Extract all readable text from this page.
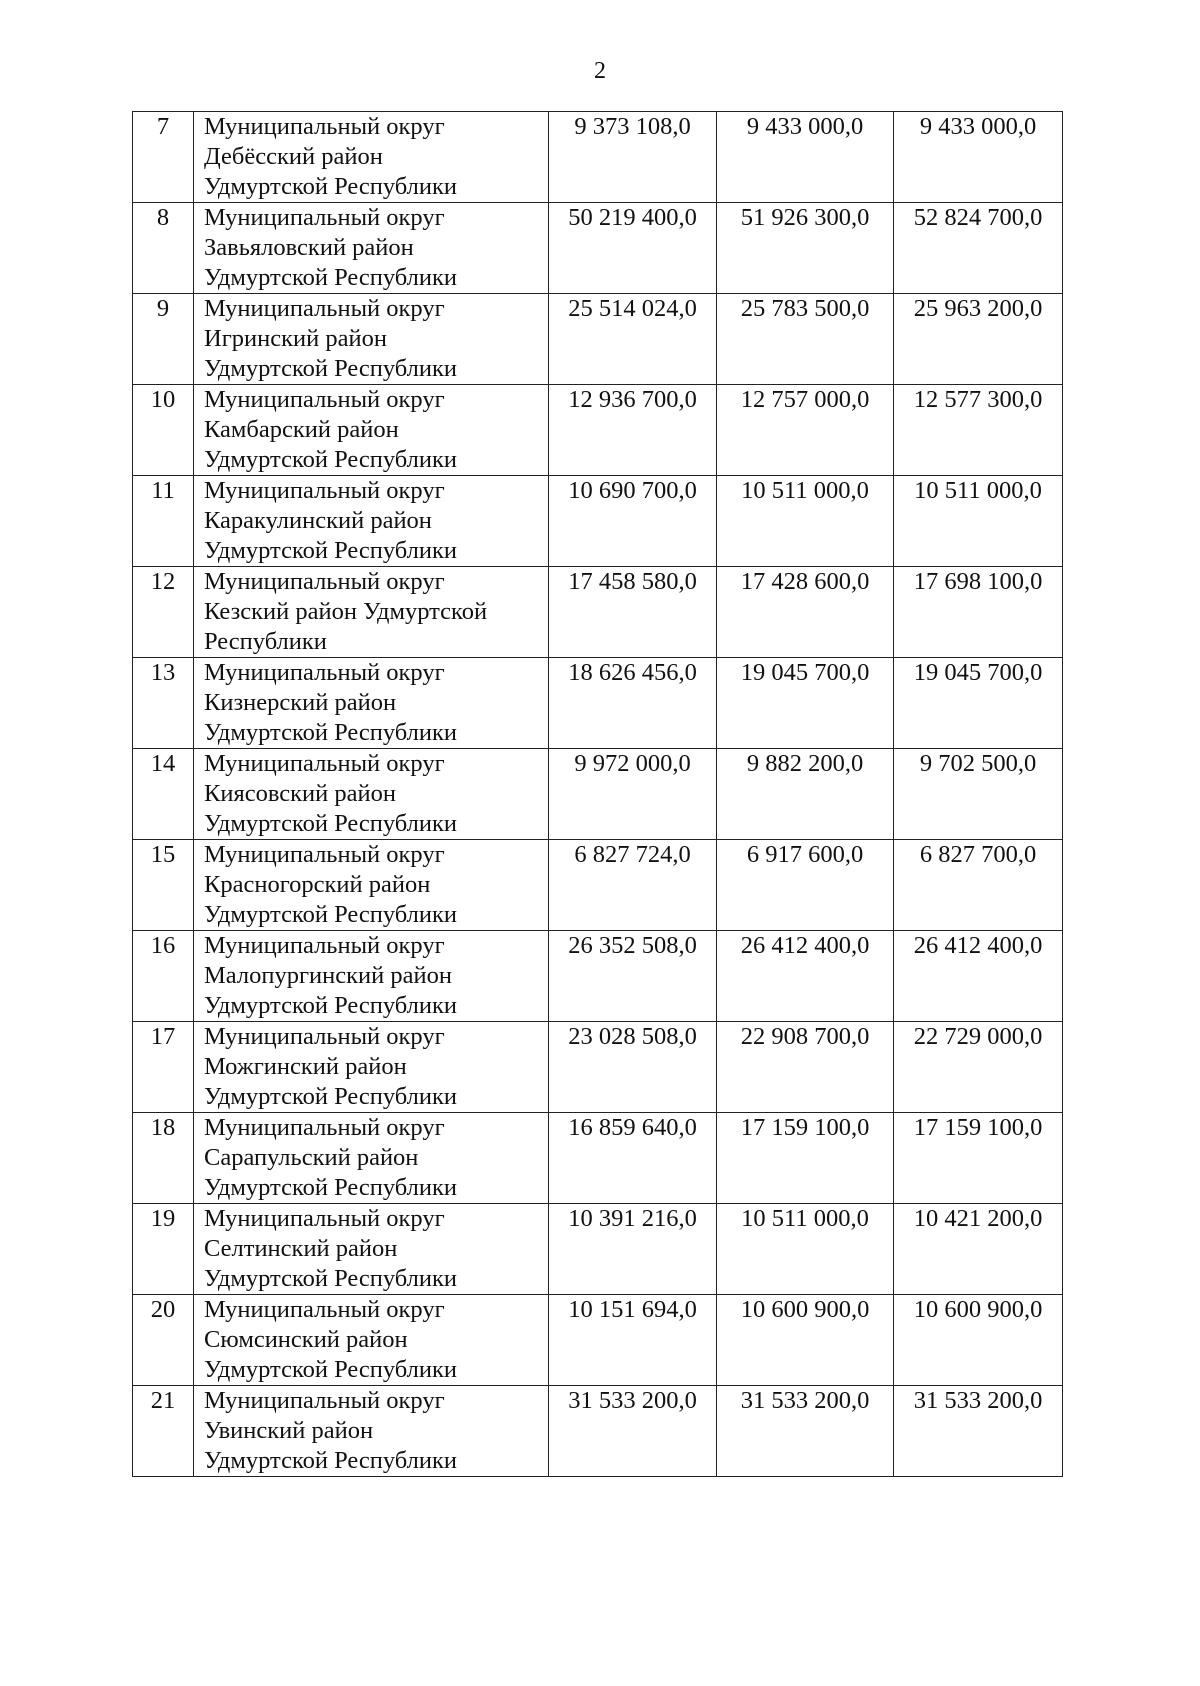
2
7	Муниципальный округ
Дебёсский район
Удмуртской Республики	9 373 108,0	9 433 000,0	9 433 000,0
8	Муниципальный округ
Завьяловский район
Удмуртской Республики	50 219 400,0	51 926 300,0	52 824 700,0
9	Муниципальный округ
Игринский район
Удмуртской Республики	25 514 024,0	25 783 500,0	25 963 200,0
10	Муниципальный округ
Камбарский район
Удмуртской Республики	12 936 700,0	12 757 000,0	12 577 300,0
11	Муниципальный округ
Каракулинский район
Удмуртской Республики	10 690 700,0	10 511 000,0	10 511 000,0
12	Муниципальный округ
Кезский район Удмуртской
Республики	17 458 580,0	17 428 600,0	17 698 100,0
13	Муниципальный округ
Кизнерский район
Удмуртской Республики	18 626 456,0	19 045 700,0	19 045 700,0
14	Муниципальный округ
Киясовский район
Удмуртской Республики	9 972 000,0	9 882 200,0	9 702 500,0
15	Муниципальный округ
Красногорский район
Удмуртской Республики	6 827 724,0	6 917 600,0	6 827 700,0
16	Муниципальный округ
Малопургинский район
Удмуртской Республики	26 352 508,0	26 412 400,0	26 412 400,0
17	Муниципальный округ
Можгинский район
Удмуртской Республики	23 028 508,0	22 908 700,0	22 729 000,0
18	Муниципальный округ
Сарапульский район
Удмуртской Республики	16 859 640,0	17 159 100,0	17 159 100,0
19	Муниципальный округ
Селтинский район
Удмуртской Республики	10 391 216,0	10 511 000,0	10 421 200,0
20	Муниципальный округ
Сюмсинский район
Удмуртской Республики	10 151 694,0	10 600 900,0	10 600 900,0
21	Муниципальный округ
Увинский район
Удмуртской Республики	31 533 200,0	31 533 200,0	31 533 200,0
